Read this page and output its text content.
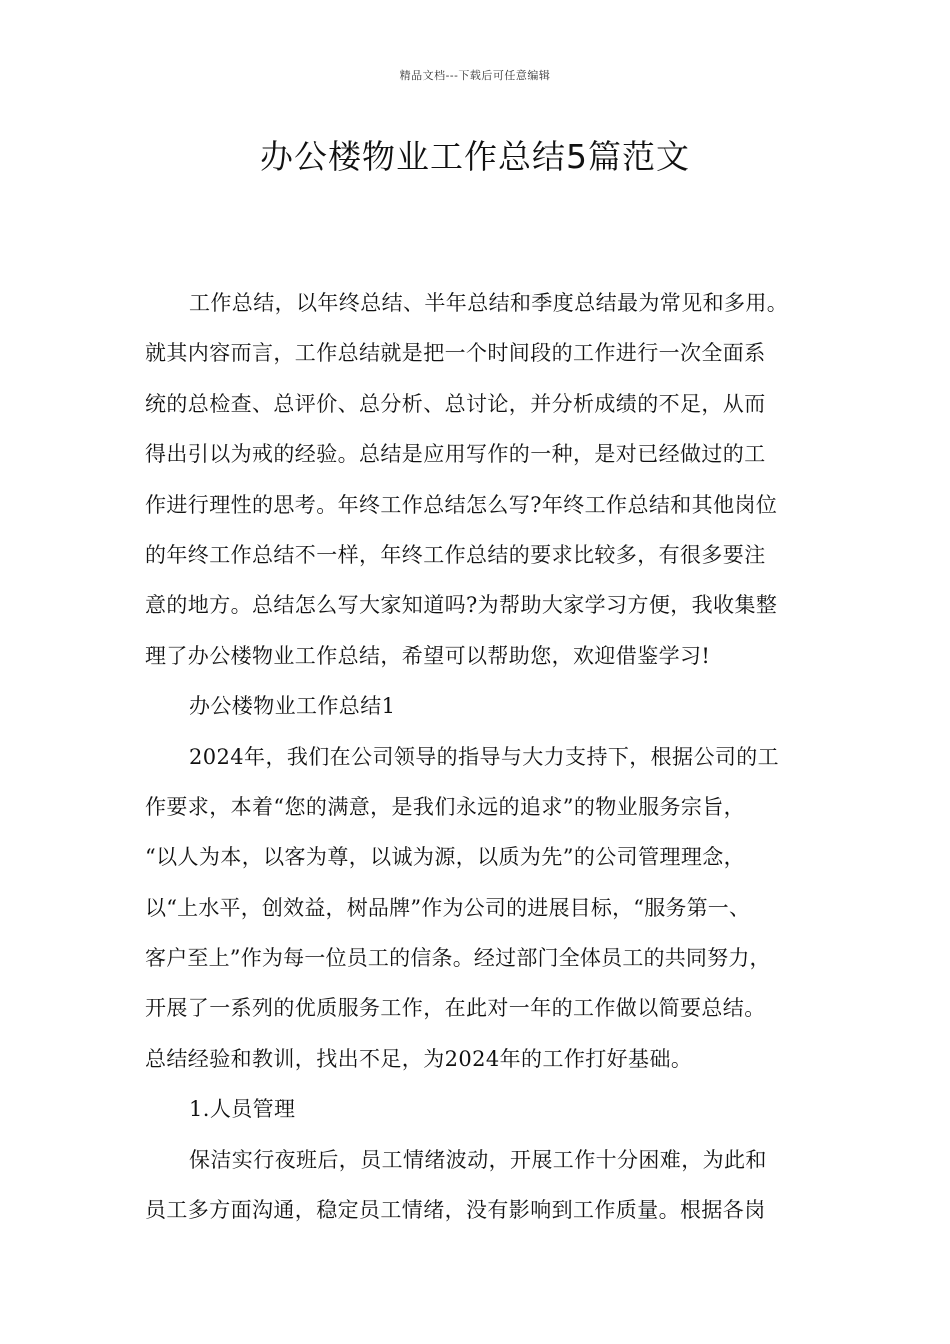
精品文档---下载后可任意编辑
办公楼物业工作总结5篇范文
工作总结，以年终总结、半年总结和季度总结最为常见和多用。
就其内容而言，工作总结就是把一个时间段的工作进行一次全面系
统的总检查、总评价、总分析、总讨论，并分析成绩的不足，从而
得出引以为戒的经验。总结是应用写作的一种，是对已经做过的工
作进行理性的思考。年终工作总结怎么写?年终工作总结和其他岗位
的年终工作总结不一样，年终工作总结的要求比较多，有很多要注
意的地方。总结怎么写大家知道吗?为帮助大家学习方便，我收集整
理了办公楼物业工作总结，希望可以帮助您，欢迎借鉴学习!
办公楼物业工作总结1
2024年，我们在公司领导的指导与大力支持下，根据公司的工
作要求，本着“您的满意，是我们永远的追求”的物业服务宗旨，
“以人为本，以客为尊，以诚为源，以质为先”的公司管理理念，
以“上水平，创效益，树品牌”作为公司的进展目标，“服务第一、
客户至上”作为每一位员工的信条。经过部门全体员工的共同努力，
开展了一系列的优质服务工作，在此对一年的工作做以简要总结。
总结经验和教训，找出不足，为2024年的工作打好基础。
1.人员管理
保洁实行夜班后，员工情绪波动，开展工作十分困难，为此和
员工多方面沟通，稳定员工情绪，没有影响到工作质量。根据各岗
